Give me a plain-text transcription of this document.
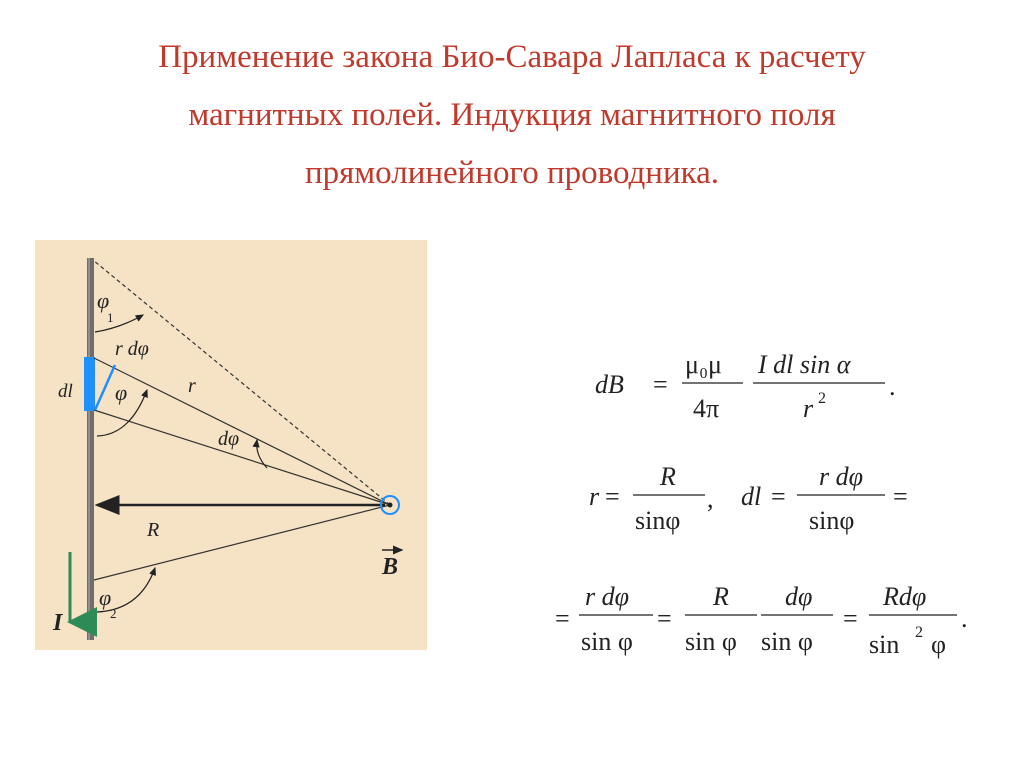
Применение закона Био-Савара Лапласа к расчету
магнитных полей. Индукция магнитного поля
прямолинейного проводника.
φ
1
r dφ
dl φ	r
dφ
R
B
φ
2
I
dB =
μ₀μ
4π
I dl sin α
r 2 .
r =
R
sinφ
, dl =
r dφ
sinφ
=
=
r dφ
sin φ
=
R
sin φ
dφ
sin φ
=
Rdφ
sin 2 φ
.
